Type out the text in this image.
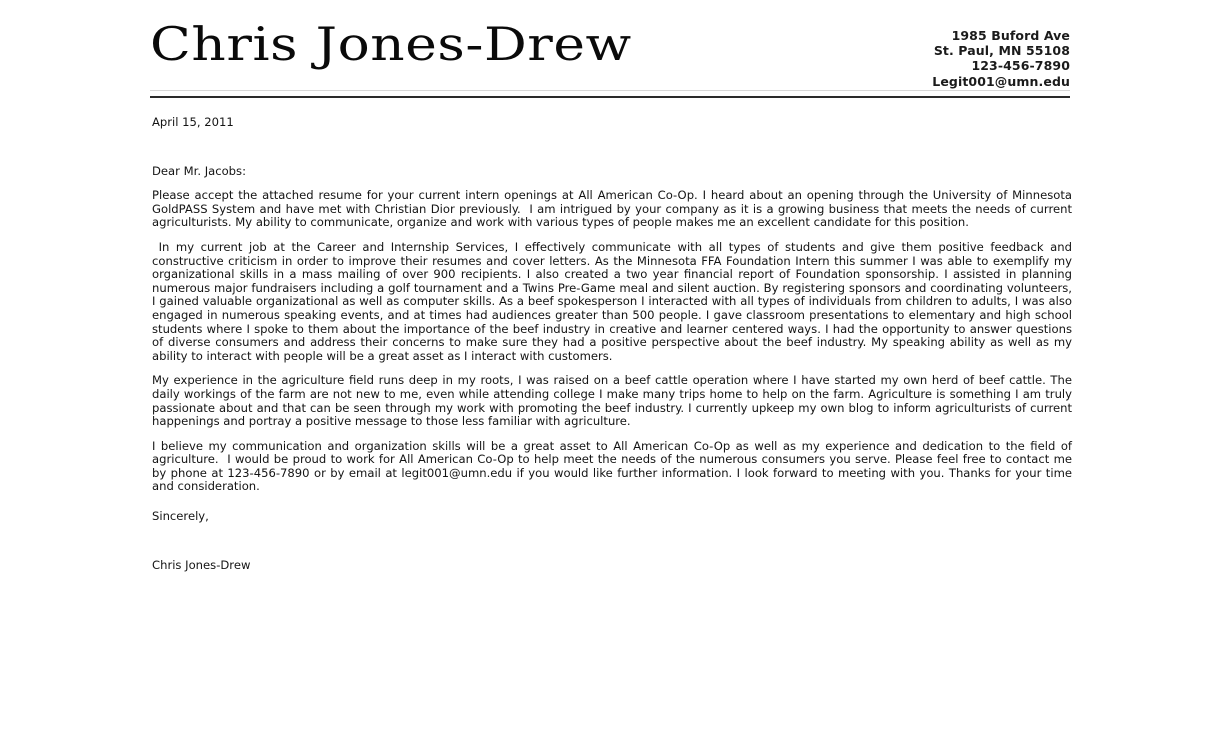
Chris Jones-Drew	1985 Buford Ave
St. Paul, MN 55108
123-456-7890
Legit001@umn.edu
April 15, 2011
Dear Mr. Jacobs:

Please accept the attached resume for your current intern openings at All American Co-Op. I heard about an opening through the University of Minnesota GoldPASS System and have met with Christian Dior previously.  I am intrigued by your company as it is a growing business that meets the needs of current agriculturists. My ability to communicate, organize and work with various types of people makes me an excellent candidate for this position.

In my current job at the Career and Internship Services, I effectively communicate with all types of students and give them positive feedback and constructive criticism in order to improve their resumes and cover letters. As the Minnesota FFA Foundation Intern this summer I was able to exemplify my organizational skills in a mass mailing of over 900 recipients. I also created a two year financial report of Foundation sponsorship. I assisted in planning numerous major fundraisers including a golf tournament and a Twins Pre-Game meal and silent auction. By registering sponsors and coordinating volunteers, I gained valuable organizational as well as computer skills. As a beef spokesperson I interacted with all types of individuals from children to adults, I was also engaged in numerous speaking events, and at times had audiences greater than 500 people. I gave classroom presentations to elementary and high school students where I spoke to them about the importance of the beef industry in creative and learner centered ways. I had the opportunity to answer questions of diverse consumers and address their concerns to make sure they had a positive perspective about the beef industry. My speaking ability as well as my ability to interact with people will be a great asset as I interact with customers.

My experience in the agriculture field runs deep in my roots, I was raised on a beef cattle operation where I have started my own herd of beef cattle. The daily workings of the farm are not new to me, even while attending college I make many trips home to help on the farm. Agriculture is something I am truly passionate about and that can be seen through my work with promoting the beef industry. I currently upkeep my own blog to inform agriculturists of current happenings and portray a positive message to those less familiar with agriculture.

I believe my communication and organization skills will be a great asset to All American Co-Op as well as my experience and dedication to the field of agriculture.  I would be proud to work for All American Co-Op to help meet the needs of the numerous consumers you serve. Please feel free to contact me by phone at 123-456-7890 or by email at legit001@umn.edu if you would like further information. I look forward to meeting with you. Thanks for your time and consideration.

Sincerely,
Chris Jones-Drew
